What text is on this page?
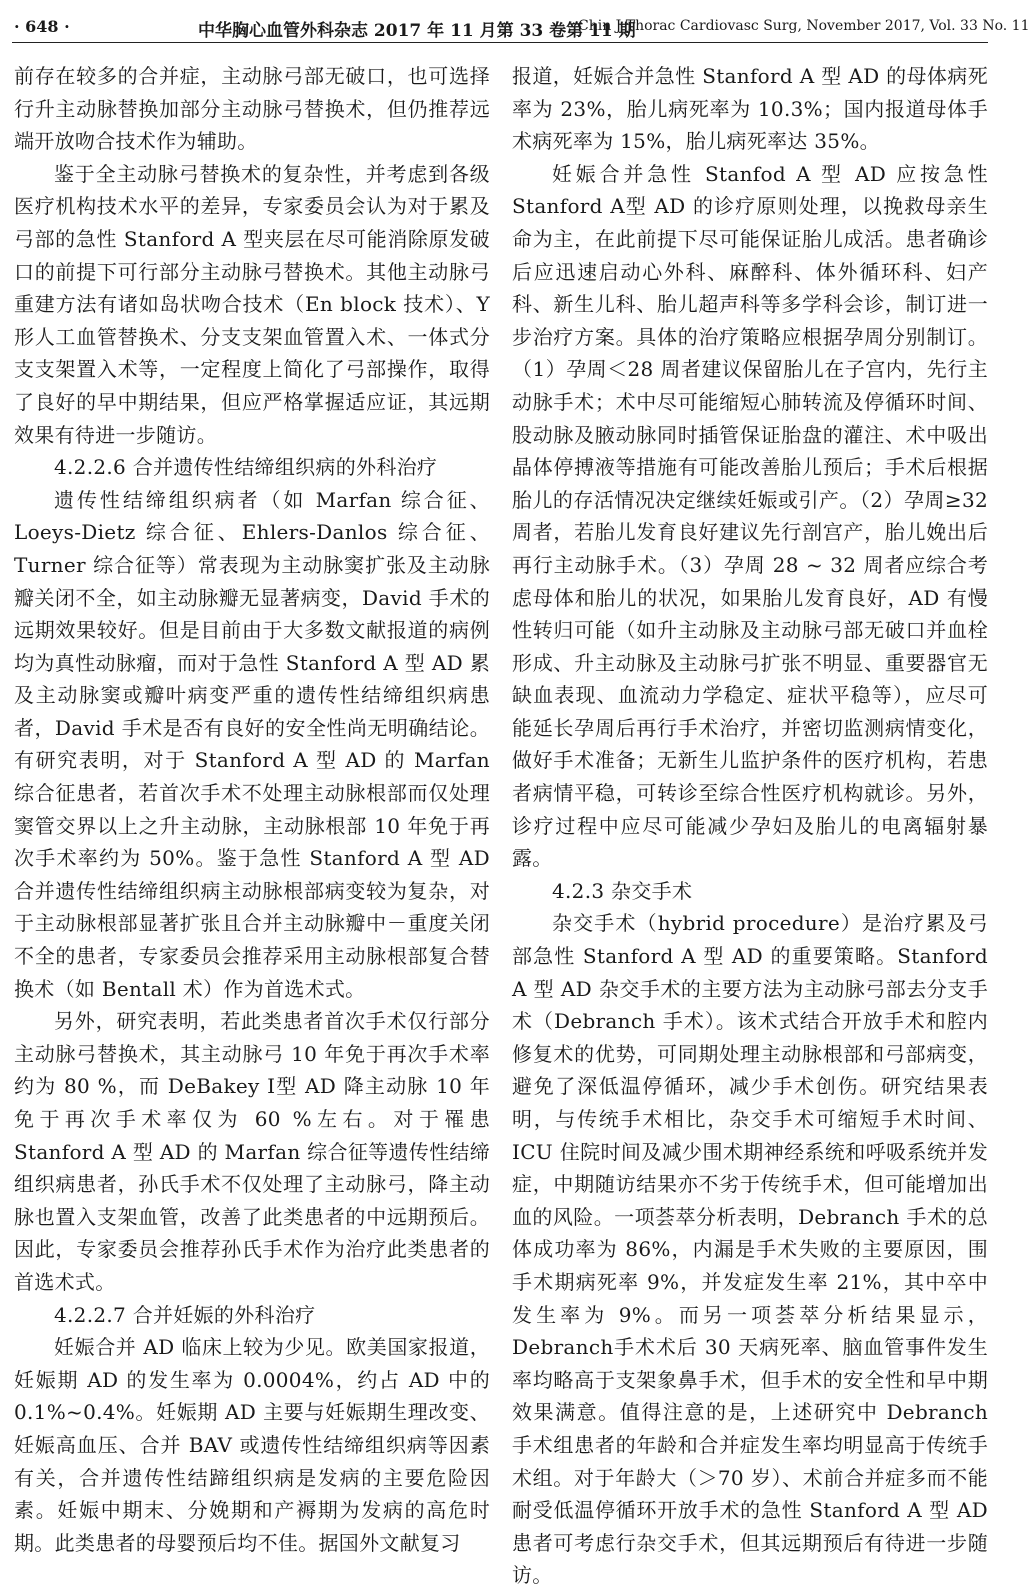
· 648 ·	中华胸心血管外科杂志 2017 年 11 月第 33 卷第 11 期
Chin J Thorac Cardiovasc Surg, November 2017, Vol. 33 No. 11

前存在较多的合并症，主动脉弓部无破口，也可选择行升主动脉替换加部分主动脉弓替换术，但仍推荐远端开放吻合技术作为辅助。

鉴于全主动脉弓替换术的复杂性，并考虑到各级医疗机构技术水平的差异，专家委员会认为对于累及弓部的急性 Stanford A 型夹层在尽可能消除原发破口的前提下可行部分主动脉弓替换术。其他主动脉弓重建方法有诸如岛状吻合技术（En block 技术）、Y 形人工血管替换术、分支支架血管置入术、一体式分支支架置入术等，一定程度上简化了弓部操作，取得了良好的早中期结果，但应严格掌握适应证，其远期效果有待进一步随访。

4.2.2.6 合并遗传性结缔组织病的外科治疗

遗传性结缔组织病者（如 Marfan 综合征、Loeys-Dietz 综合征、Ehlers-Danlos 综合征、Turner 综合征等）常表现为主动脉窦扩张及主动脉瓣关闭不全，如主动脉瓣无显著病变，David 手术的远期效果较好。但是目前由于大多数文献报道的病例均为真性动脉瘤，而对于急性 Stanford A 型 AD 累及主动脉窦或瓣叶病变严重的遗传性结缔组织病患者，David 手术是否有良好的安全性尚无明确结论。有研究表明，对于 Stanford A 型 AD 的 Marfan 综合征患者，若首次手术不处理主动脉根部而仅处理窦管交界以上之升主动脉，主动脉根部 10 年免于再次手术率约为 50%。鉴于急性 Stanford A 型 AD 合并遗传性结缔组织病主动脉根部病变较为复杂，对于主动脉根部显著扩张且合并主动脉瓣中－重度关闭不全的患者，专家委员会推荐采用主动脉根部复合替换术（如 Bentall 术）作为首选术式。

另外，研究表明，若此类患者首次手术仅行部分主动脉弓替换术，其主动脉弓 10 年免于再次手术率约为 80 %，而 DeBakey Ⅰ型 AD 降主动脉 10 年免于再次手术率仅为 60 %左右。对于罹患 Stanford A 型 AD 的 Marfan 综合征等遗传性结缔组织病患者，孙氏手术不仅处理了主动脉弓，降主动脉也置入支架血管，改善了此类患者的中远期预后。因此，专家委员会推荐孙氏手术作为治疗此类患者的首选术式。

4.2.2.7 合并妊娠的外科治疗

妊娠合并 AD 临床上较为少见。欧美国家报道，妊娠期 AD 的发生率为 0.0004%，约占 AD 中的 0.1%~0.4%。妊娠期 AD 主要与妊娠期生理改变、妊娠高血压、合并 BAV 或遗传性结缔组织病等因素有关，合并遗传性结蹄组织病是发病的主要危险因素。妊娠中期末、分娩期和产褥期为发病的高危时期。此类患者的母婴预后均不佳。据国外文献复习

报道，妊娠合并急性 Stanford A 型 AD 的母体病死率为 23%，胎儿病死率为 10.3%；国内报道母体手术病死率为 15%，胎儿病死率达 35%。

妊娠合并急性 Stanfod A 型 AD 应按急性 Stanford A型 AD 的诊疗原则处理，以挽救母亲生命为主，在此前提下尽可能保证胎儿成活。患者确诊后应迅速启动心外科、麻醉科、体外循环科、妇产科、新生儿科、胎儿超声科等多学科会诊，制订进一步治疗方案。具体的治疗策略应根据孕周分别制订。（1）孕周＜28 周者建议保留胎儿在子宫内，先行主动脉手术；术中尽可能缩短心肺转流及停循环时间、股动脉及腋动脉同时插管保证胎盘的灌注、术中吸出晶体停搏液等措施有可能改善胎儿预后；手术后根据胎儿的存活情况决定继续妊娠或引产。（2）孕周≥32 周者，若胎儿发育良好建议先行剖宫产，胎儿娩出后再行主动脉手术。（3）孕周 28 ~ 32 周者应综合考虑母体和胎儿的状况，如果胎儿发育良好，AD 有慢性转归可能（如升主动脉及主动脉弓部无破口并血栓形成、升主动脉及主动脉弓扩张不明显、重要器官无缺血表现、血流动力学稳定、症状平稳等），应尽可能延长孕周后再行手术治疗，并密切监测病情变化，做好手术准备；无新生儿监护条件的医疗机构，若患者病情平稳，可转诊至综合性医疗机构就诊。另外，诊疗过程中应尽可能减少孕妇及胎儿的电离辐射暴露。

4.2.3 杂交手术

杂交手术（hybrid procedure）是治疗累及弓部急性 Stanford A 型 AD 的重要策略。Stanford A 型 AD 杂交手术的主要方法为主动脉弓部去分支手术（Debranch 手术）。该术式结合开放手术和腔内修复术的优势，可同期处理主动脉根部和弓部病变，避免了深低温停循环，减少手术创伤。研究结果表明，与传统手术相比，杂交手术可缩短手术时间、ICU 住院时间及减少围术期神经系统和呼吸系统并发症，中期随访结果亦不劣于传统手术，但可能增加出血的风险。一项荟萃分析表明，Debranch 手术的总体成功率为 86%，内漏是手术失败的主要原因，围手术期病死率 9%，并发症发生率 21%，其中卒中发生率为 9%。而另一项荟萃分析结果显示，Debranch手术术后 30 天病死率、脑血管事件发生率均略高于支架象鼻手术，但手术的安全性和早中期效果满意。值得注意的是，上述研究中 Debranch 手术组患者的年龄和合并症发生率均明显高于传统手术组。对于年龄大（＞70 岁）、术前合并症多而不能耐受低温停循环开放手术的急性 Stanford A 型 AD 患者可考虑行杂交手术，但其远期预后有待进一步随访。
